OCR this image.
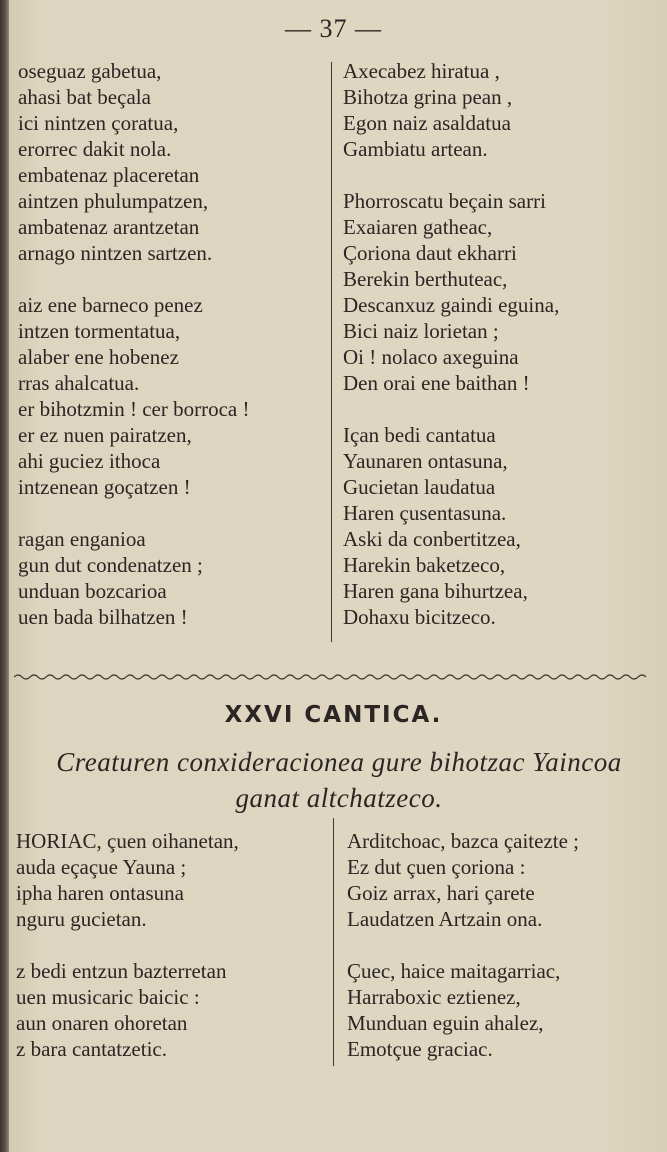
— 37 —
oseguaz gabetua,
ahasi bat beçala
ici nintzen çoratua,
erorrec dakit nola.
embatenaz placeretan
aintzen phulumpatzen,
ambatenaz arantzetan
arnago nintzen sartzen.
aiz ene barneco penez
intzen tormentatua,
alaber ene hobenez
rras ahalcatua.
er bihotzmin ! cer borroca !
er ez nuen pairatzen,
ahi guciez ithoca
intzenean goçatzen !
ragan enganioa
gun dut condenatzen ;
unduan bozcarioa
uen bada bilhatzen !
Axecabez hiratua ,
Bihotza grina pean ,
Egon naiz asaldatua
Gambiatu artean.
Phorroscatu beçain sarri
Exaiaren gatheac,
Çoriona daut ekharri
Berekin berthuteac,
Descanxuz gaindi eguina,
Bici naiz lorietan ;
Oi ! nolaco axeguina
Den orai ene baithan !
Içan bedi cantatua
Yaunaren ontasuna,
Gucietan laudatua
Haren çusentasuna.
Aski da conbertitzea,
Harekin baketzeco,
Haren gana bihurtzea,
Dohaxu bicitzeco.
XXVI CANTICA.
Creaturen conxideracionea gure bihotzac Yaincoa
ganat altchatzeco.
HORIAC, çuen oihanetan,
auda eçaçue Yauna ;
ipha haren ontasuna
nguru gucietan.
z bedi entzun bazterretan
uen musicaric baicic :
aun onaren ohoretan
z bara cantatzetic.
Arditchoac, bazca çaitezte ;
Ez dut çuen çoriona :
Goiz arrax, hari çarete
Laudatzen Artzain ona.
Çuec, haice maitagarriac,
Harraboxic eztienez,
Munduan eguin ahalez,
Emotçue graciac.
